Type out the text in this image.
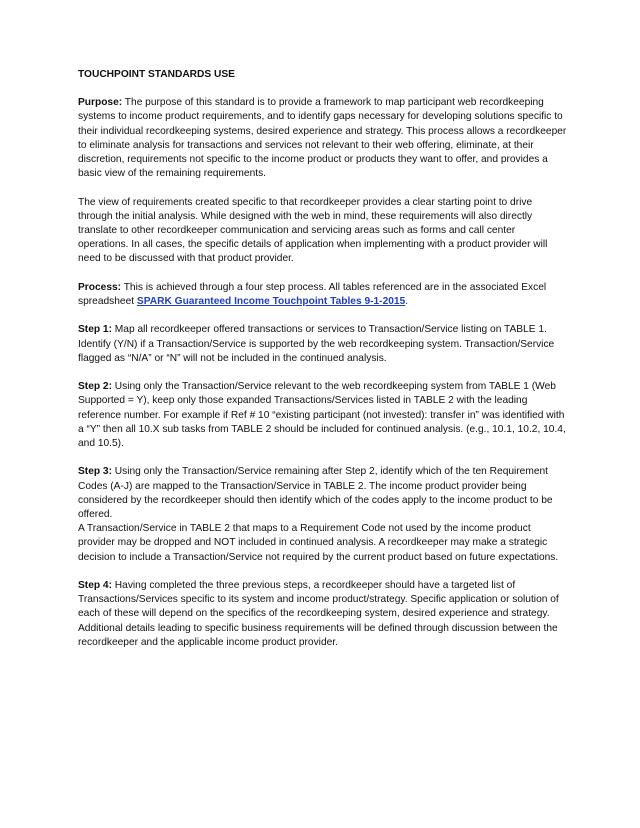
TOUCHPOINT STANDARDS USE

Purpose: The purpose of this standard is to provide a framework to map participant web recordkeeping systems to income product requirements, and to identify gaps necessary for developing solutions specific to their individual recordkeeping systems, desired experience and strategy. This process allows a recordkeeper to eliminate analysis for transactions and services not relevant to their web offering, eliminate, at their discretion, requirements not specific to the income product or products they want to offer, and provides a basic view of the remaining requirements.

The view of requirements created specific to that recordkeeper provides a clear starting point to drive through the initial analysis. While designed with the web in mind, these requirements will also directly translate to other recordkeeper communication and servicing areas such as forms and call center operations. In all cases, the specific details of application when implementing with a product provider will need to be discussed with that product provider.

Process: This is achieved through a four step process. All tables referenced are in the associated Excel spreadsheet SPARK Guaranteed Income Touchpoint Tables 9-1-2015.

Step 1: Map all recordkeeper offered transactions or services to Transaction/Service listing on TABLE 1. Identify (Y/N) if a Transaction/Service is supported by the web recordkeeping system. Transaction/Service flagged as “N/A” or “N” will not be included in the continued analysis.

Step 2: Using only the Transaction/Service relevant to the web recordkeeping system from TABLE 1 (Web Supported = Y), keep only those expanded Transactions/Services listed in TABLE 2 with the leading reference number. For example if Ref # 10 “existing participant (not invested): transfer in” was identified with a “Y” then all 10.X sub tasks from TABLE 2 should be included for continued analysis. (e.g., 10.1, 10.2, 10.4, and 10.5).

Step 3: Using only the Transaction/Service remaining after Step 2, identify which of the ten Requirement Codes (A-J) are mapped to the Transaction/Service in TABLE 2. The income product provider being considered by the recordkeeper should then identify which of the codes apply to the income product to be offered.

A Transaction/Service in TABLE 2 that maps to a Requirement Code not used by the income product provider may be dropped and NOT included in continued analysis. A recordkeeper may make a strategic decision to include a Transaction/Service not required by the current product based on future expectations.

Step 4: Having completed the three previous steps, a recordkeeper should have a targeted list of Transactions/Services specific to its system and income product/strategy. Specific application or solution of each of these will depend on the specifics of the recordkeeping system, desired experience and strategy. Additional details leading to specific business requirements will be defined through discussion between the recordkeeper and the applicable income product provider.
